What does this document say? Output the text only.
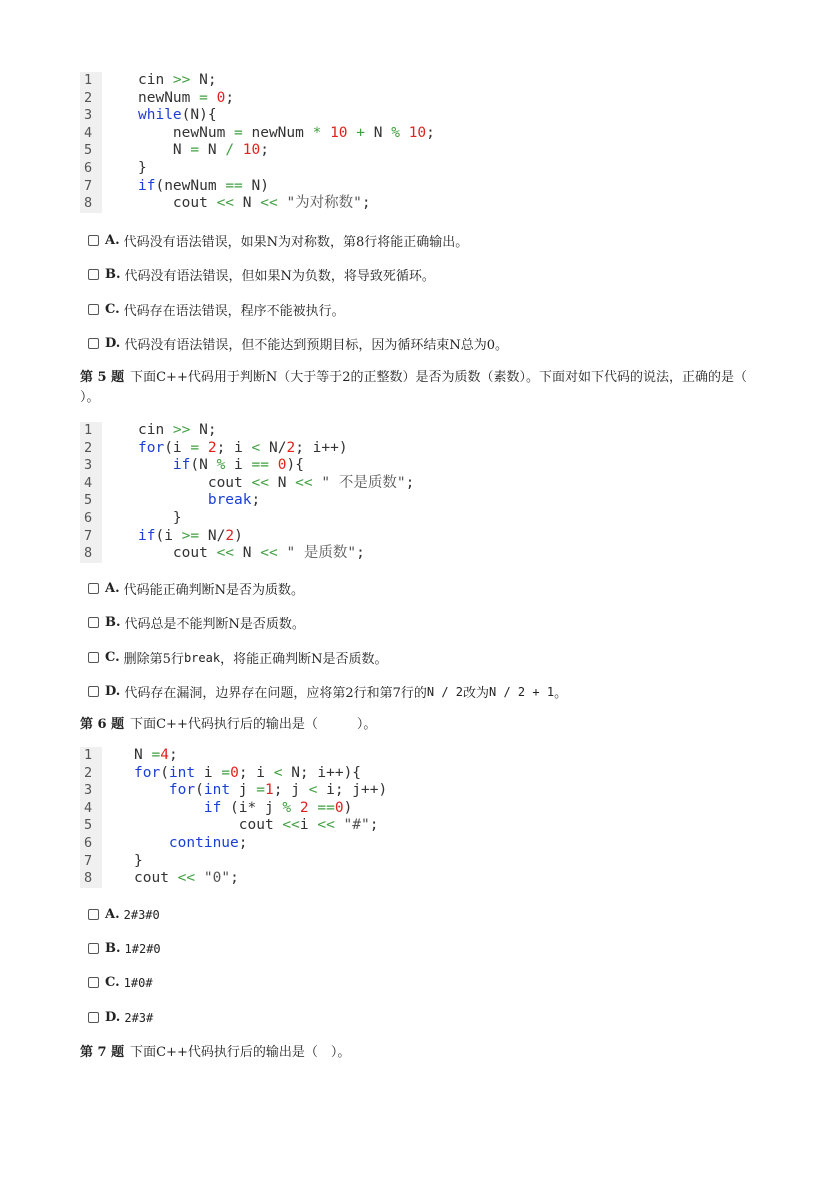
1	cin >> N;
2	newNum = 0;
3	while(N){
4	newNum = newNum * 10 + N % 10;
5	N = N / 10;
6	}
7	if(newNum == N)
8	cout << N << "为对称数";
A. 代码没有语法错误，如果N为对称数，第8行将能正确输出。
B. 代码没有语法错误，但如果N为负数，将导致死循环。
C. 代码存在语法错误，程序不能被执行。
D. 代码没有语法错误，但不能达到预期目标，因为循环结束N总为0。
第 5 题 下面C++代码用于判断N（大于等于2的正整数）是否为质数（素数）。下面对如下代码的说法，正确的是（ ）。
1	cin >> N;
2	for(i = 2; i < N/2; i++)
3	if(N % i == 0){
4	cout << N << " 不是质数";
5	break;
6	}
7	if(i >= N/2)
8	cout << N << " 是质数";
A. 代码能正确判断N是否为质数。
B. 代码总是不能判断N是否质数。
C. 删除第5行 break ，将能正确判断N是否质数。
D. 代码存在漏洞，边界存在问题，应将第2行和第7行的 N / 2 改为 N / 2 + 1 。
第 6 题 下面C++代码执行后的输出是（　　　）。
1	N =4;
2	for(int i =0; i < N; i++){
3	for(int j =1; j < i; j++)
4	if (i* j % 2 ==0)
5	cout <<i << "#";
6	continue;
7	}
8	cout << "0";
A. 2#3#0
B. 1#2#0
C. 1#0#
D. 2#3#
第 7 题 下面C++代码执行后的输出是（　）。
